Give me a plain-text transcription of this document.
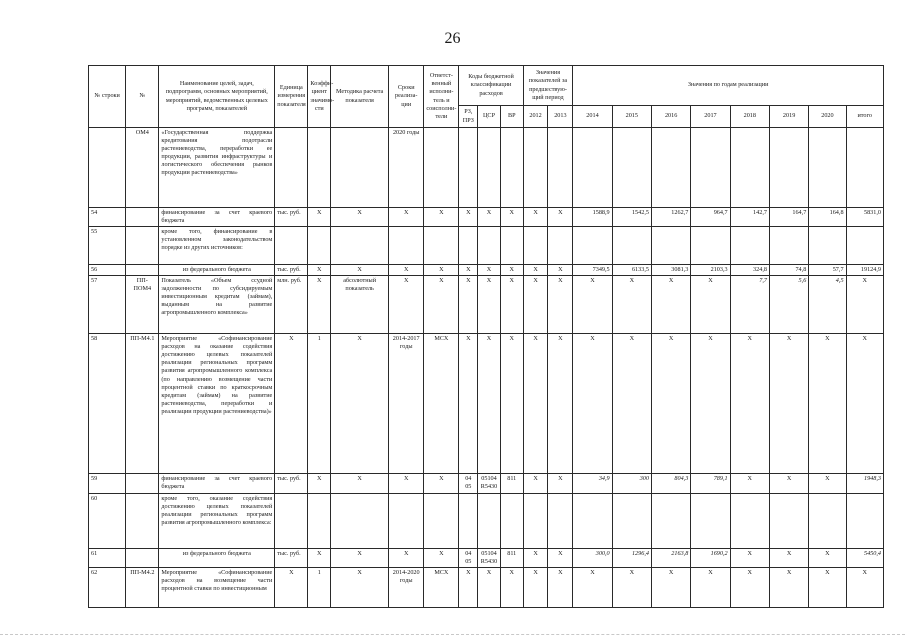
26
№ строки	№	Наименование целей, задач, подпрограмм, основных мероприятий, мероприятий, ведомственных целевых программ, показателей	Единица измерения показателя	Коэффи-циент значимо-сти	Методика расчета показателя	Сроки реализа-ции	Ответст-венный исполни-тель и соисполни-тели	Коды бюджетной классификации расходов			Значения показателей за предшествую-щий период		Значения по годам реализации							
								РЗ, ПРЗ	ЦСР	ВР	2012	2013	2014	2015	2016	2017	2018	2019	2020	итого
	ОМ4	«Государственная поддержка кредитования подотрасли растениеводства, переработки ее продукции, развития инфраструктуры и логистического обеспечения рынков продукции растениеводства»				2020 годы														
54		финансирование за счет краевого бюджета	тыс. руб.	X	X	X	X	X	X	X	X	X	1588,9	1542,5	1262,7	964,7	142,7	164,7	164,8	5831,0
55		кроме того, финансирование в установленном законодательством порядке из других источников:																		
56		из федерального бюджета	тыс. руб.	X	X	X	X	X	X	X	X	X	7349,5	6133,5	3081,3	2103,3	324,8	74,8	57,7	19124,9
57	ПП-ПОМ4	Показатель «Объем ссудной задолженности по субсидируемым инвестиционным кредитам (займам), выданным на развитие агропромышленного комплекса»	млн. руб.	X	абсолютный показатель	X	X	X	X	X	X	X	X	X	X	X	7,7	5,6	4,5	X
58	ПП-М4.1	Мероприятие «Софинансирование расходов на оказание содействия достижению целевых показателей реализации региональных программ развития агропромышленного комплекса (по направлению возмещение части процентной ставки по краткосрочным кредитам (займам) на развитие растениеводства, переработки и реализации продукции растениеводства)»	X	1	X	2014-2017 годы	МСХ	X	X	X	X	X	X	X	X	X	X	X	X	X
59		финансирование за счет краевого бюджета	тыс. руб.	X	X	X	X	04 05	05104 R5430	811	X	X	34,9	300	804,3	789,1	X	X	X	1948,3
60		кроме того, оказание содействия достижению целевых показателей реализации региональных программ развития агропромышленного комплекса:																		
61		из федерального бюджета	тыс. руб.	X	X	X	X	04 05	05104 R5430	811	X	X	300,0	1296,4	2163,8	1690,2	X	X	X	5450,4
62	ПП-М4.2	Мероприятие «Софинансирование расходов на возмещение части процентной ставки по инвестиционным	X	1	X	2014-2020 годы	МСХ	X	X	X	X	X	X	X	X	X	X	X	X	X
